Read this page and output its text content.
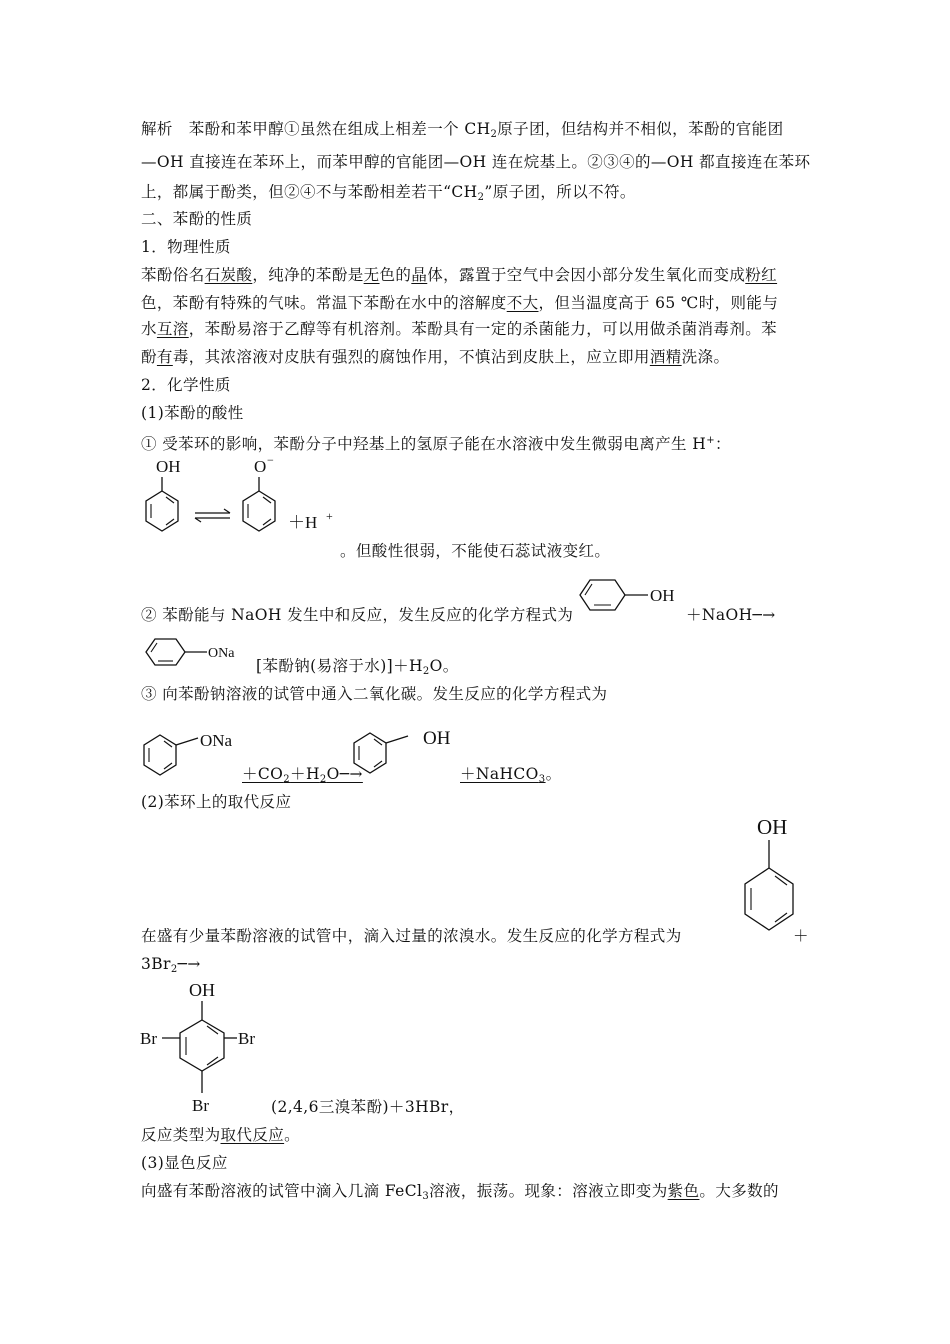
解析　苯酚和苯甲醇①虽然在组成上相差一个 $CH_2$原子团，但结构并不相似，苯酚的官能团
—OH 直接连在苯环上，而苯甲醇的官能团—OH 连在烷基上。②③④的—OH 都直接连在苯环
上，都属于酚类，但②④不与苯酚相差若干“$CH_2$”原子团，所以不符。
二、苯酚的性质
1．物理性质
苯酚俗名石炭酸，纯净的苯酚是无色的晶体，露置于空气中会因小部分发生氧化而变成粉红
色，苯酚有特殊的气味。常温下苯酚在水中的溶解度不大，但当温度高于 65 ℃时，则能与
水互溶，苯酚易溶于乙醇等有机溶剂。苯酚具有一定的杀菌能力，可以用做杀菌消毒剂。苯
酚有毒，其浓溶液对皮肤有强烈的腐蚀作用，不慎沾到皮肤上，应立即用酒精洗涤。
2．化学性质
(1)苯酚的酸性
① 受苯环的影响，苯酚分子中羟基上的氢原子能在水溶液中发生微弱电离产生 H+：
OH	O −
＋H +
。但酸性很弱，不能使石蕊试液变红。
② 苯酚能与 NaOH 发生中和反应，发生反应的化学方程式为
OH
＋NaOH─→
ONa
[苯酚钠(易溶于水)]$+H_2O$。
③ 向苯酚钠溶液的试管中通入二氧化碳。发生反应的化学方程式为
ONa	OH
$+CO_2+H_2O─\to$	＋NaHCO$_3$。
(2)苯环上的取代反应
OH
在盛有少量苯酚溶液的试管中，滴入过量的浓溴水。发生反应的化学方程式为	＋
$3Br_2─\to$
OH
Br	Br
Br	(2,4,6三溴苯酚)＋3HBr，
反应类型为取代反应。
(3)显色反应
向盛有苯酚溶液的试管中滴入几滴 FeCl$_3$溶液，振荡。现象：溶液立即变为紫色。大多数的
